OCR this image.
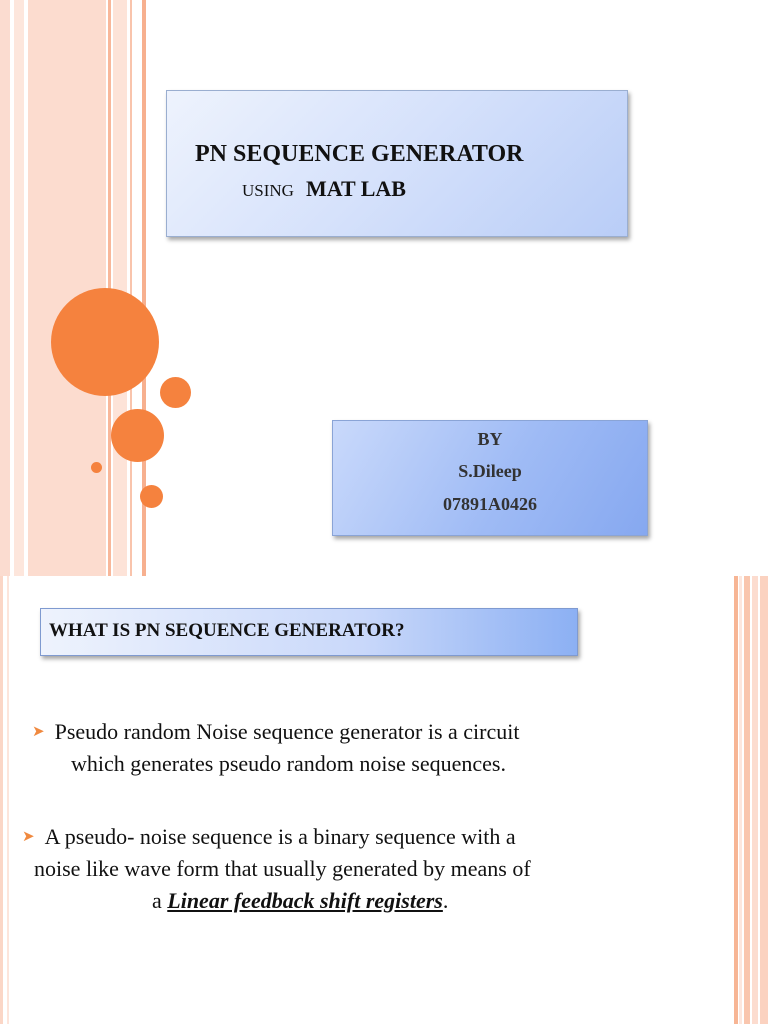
PN SEQUENCE GENERATOR
USING MAT LAB
BY
S.Dileep
07891A0426
WHAT IS PN SEQUENCE GENERATOR?
➤ Pseudo random Noise sequence generator is a circuit
which generates pseudo random noise sequences.
➤ A pseudo- noise sequence is a binary sequence with a
noise like wave form that usually generated by means of
a Linear feedback shift registers.
